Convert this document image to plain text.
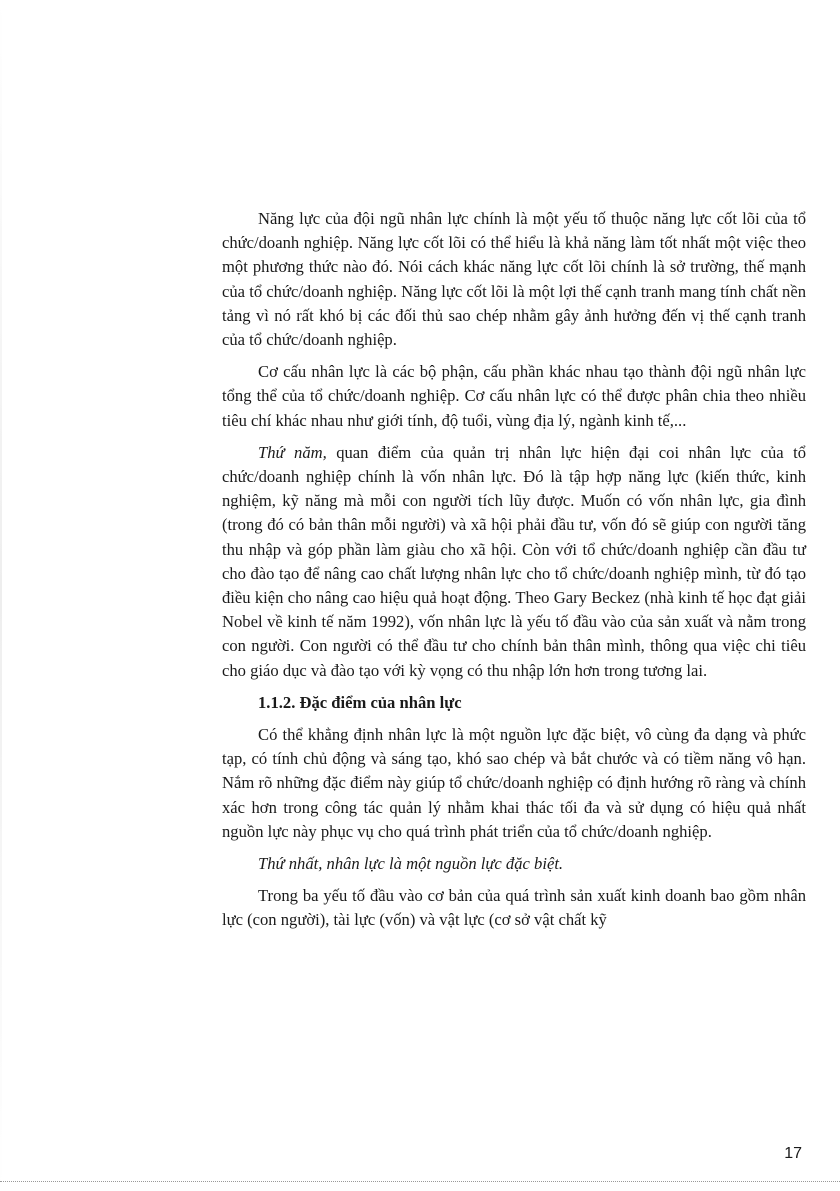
Năng lực của đội ngũ nhân lực chính là một yếu tố thuộc năng lực cốt lõi của tổ chức/doanh nghiệp. Năng lực cốt lõi có thể hiểu là khả năng làm tốt nhất một việc theo một phương thức nào đó. Nói cách khác năng lực cốt lõi chính là sở trường, thế mạnh của tổ chức/doanh nghiệp. Năng lực cốt lõi là một lợi thế cạnh tranh mang tính chất nền tảng vì nó rất khó bị các đối thủ sao chép nhằm gây ảnh hưởng đến vị thế cạnh tranh của tổ chức/doanh nghiệp.

Cơ cấu nhân lực là các bộ phận, cấu phần khác nhau tạo thành đội ngũ nhân lực tổng thể của tổ chức/doanh nghiệp. Cơ cấu nhân lực có thể được phân chia theo nhiều tiêu chí khác nhau như giới tính, độ tuổi, vùng địa lý, ngành kinh tế,...

Thứ năm, quan điểm của quản trị nhân lực hiện đại coi nhân lực của tổ chức/doanh nghiệp chính là vốn nhân lực. Đó là tập hợp năng lực (kiến thức, kinh nghiệm, kỹ năng mà mỗi con người tích lũy được. Muốn có vốn nhân lực, gia đình (trong đó có bản thân mỗi người) và xã hội phải đầu tư, vốn đó sẽ giúp con người tăng thu nhập và góp phần làm giàu cho xã hội. Còn với tổ chức/doanh nghiệp cần đầu tư cho đào tạo để nâng cao chất lượng nhân lực cho tổ chức/doanh nghiệp mình, từ đó tạo điều kiện cho nâng cao hiệu quả hoạt động. Theo Gary Beckez (nhà kinh tế học đạt giải Nobel về kinh tế năm 1992), vốn nhân lực là yếu tố đầu vào của sản xuất và nằm trong con người. Con người có thể đầu tư cho chính bản thân mình, thông qua việc chi tiêu cho giáo dục và đào tạo với kỳ vọng có thu nhập lớn hơn trong tương lai.

1.1.2. Đặc điểm của nhân lực

Có thể khẳng định nhân lực là một nguồn lực đặc biệt, vô cùng đa dạng và phức tạp, có tính chủ động và sáng tạo, khó sao chép và bắt chước và có tiềm năng vô hạn. Nắm rõ những đặc điểm này giúp tổ chức/doanh nghiệp có định hướng rõ ràng và chính xác hơn trong công tác quản lý nhằm khai thác tối đa và sử dụng có hiệu quả nhất nguồn lực này phục vụ cho quá trình phát triển của tổ chức/doanh nghiệp.

Thứ nhất, nhân lực là một nguồn lực đặc biệt.

Trong ba yếu tố đầu vào cơ bản của quá trình sản xuất kinh doanh bao gồm nhân lực (con người), tài lực (vốn) và vật lực (cơ sở vật chất kỹ

17
